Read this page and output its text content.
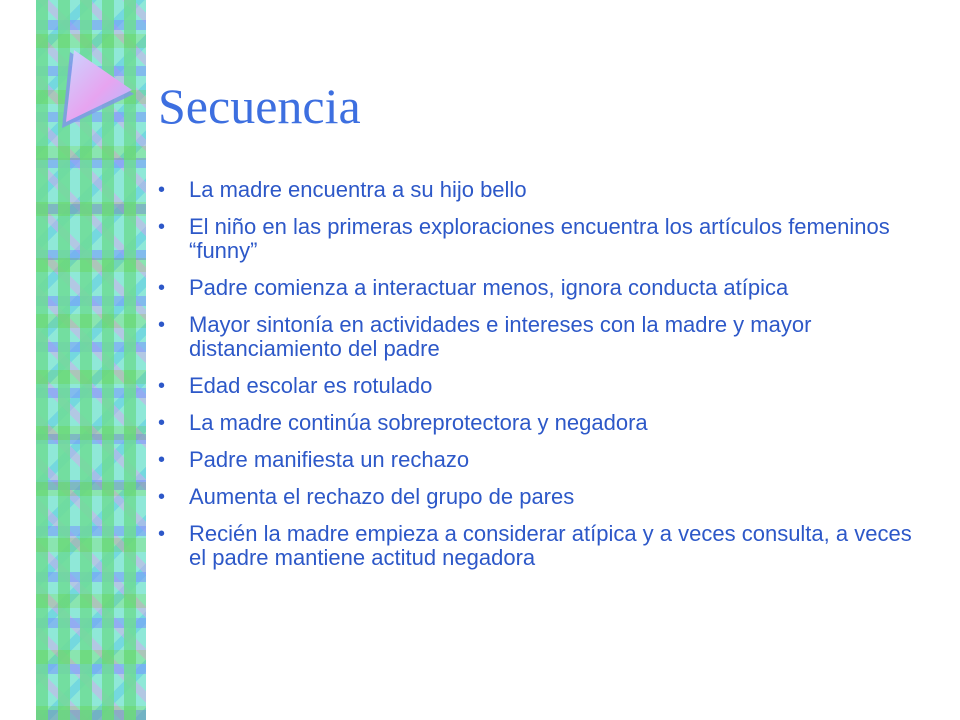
Secuencia
• La madre encuentra a su hijo bello
• El niño en las primeras exploraciones encuentra los artículos femeninos “funny”
• Padre comienza a interactuar menos, ignora conducta atípica
• Mayor sintonía en actividades e intereses con la madre y mayor distanciamiento del padre
• Edad escolar es rotulado
• La madre continúa sobreprotectora y negadora
• Padre manifiesta un rechazo
• Aumenta el rechazo del grupo de pares
• Recién la madre empieza a considerar atípica y a veces consulta, a veces el padre mantiene actitud negadora
